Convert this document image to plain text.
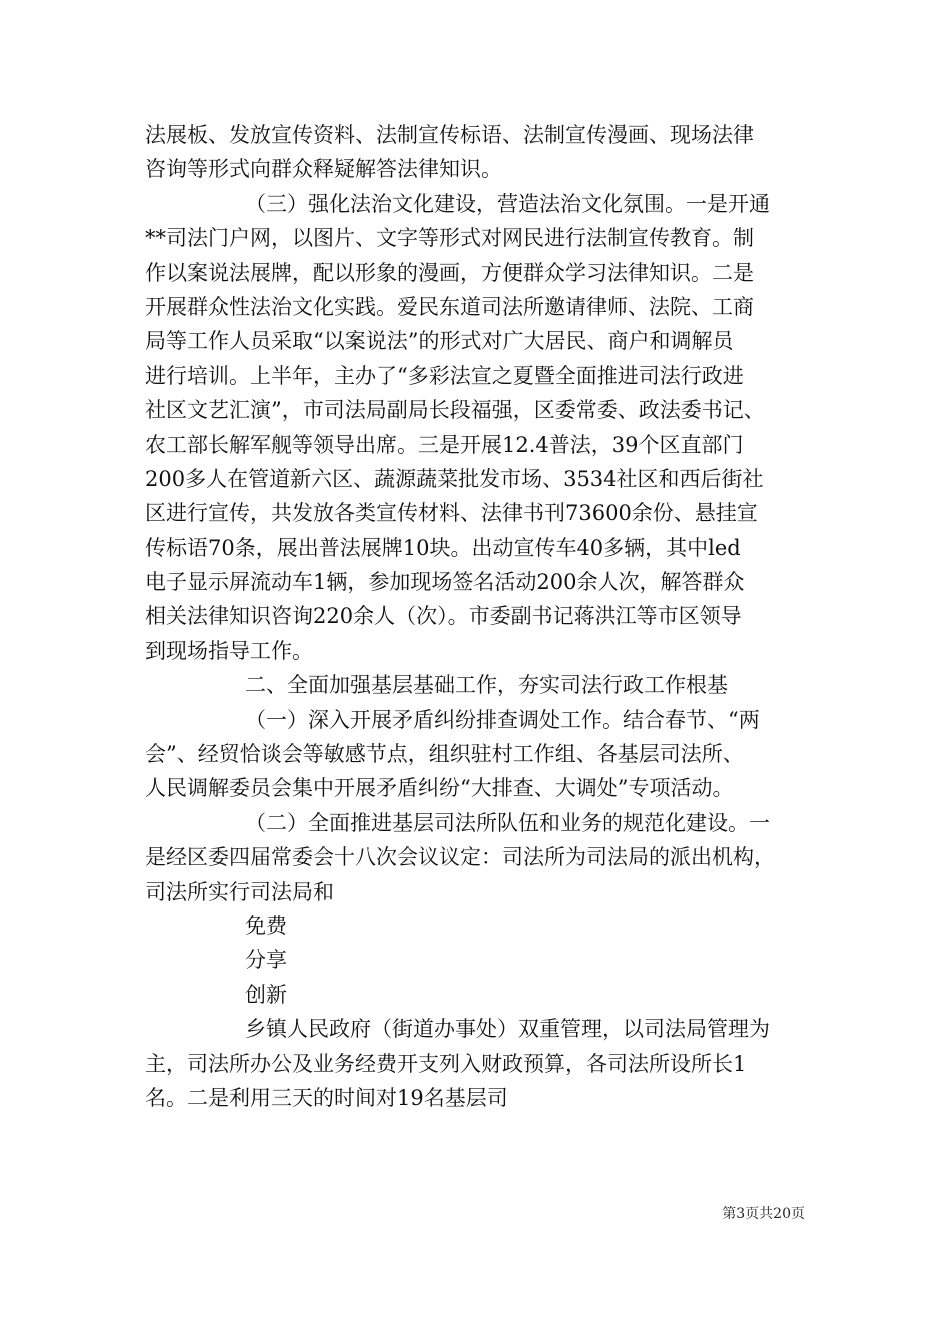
法展板、发放宣传资料、法制宣传标语、法制宣传漫画、现场法律
咨询等形式向群众释疑解答法律知识。
（三）强化法治文化建设，营造法治文化氛围。一是开通
**司法门户网，以图片、文字等形式对网民进行法制宣传教育。制
作以案说法展牌，配以形象的漫画，方便群众学习法律知识。二是
开展群众性法治文化实践。爱民东道司法所邀请律师、法院、工商
局等工作人员采取“以案说法”的形式对广大居民、商户和调解员
进行培训。上半年，主办了“多彩法宣之夏暨全面推进司法行政进
社区文艺汇演”，市司法局副局长段福强，区委常委、政法委书记、
农工部长解军舰等领导出席。三是开展12.4普法，39个区直部门
200多人在管道新六区、蔬源蔬菜批发市场、3534社区和西后街社
区进行宣传，共发放各类宣传材料、法律书刊73600余份、悬挂宣
传标语70条，展出普法展牌10块。出动宣传车40多辆，其中led
电子显示屏流动车1辆，参加现场签名活动200余人次，解答群众
相关法律知识咨询220余人（次）。市委副书记蒋洪江等市区领导
到现场指导工作。
二、全面加强基层基础工作，夯实司法行政工作根基
（一）深入开展矛盾纠纷排查调处工作。结合春节、“两
会”、经贸恰谈会等敏感节点，组织驻村工作组、各基层司法所、
人民调解委员会集中开展矛盾纠纷“大排查、大调处”专项活动。
（二）全面推进基层司法所队伍和业务的规范化建设。一
是经区委四届常委会十八次会议议定：司法所为司法局的派出机构，
司法所实行司法局和
免费
分享
创新
乡镇人民政府（街道办事处）双重管理，以司法局管理为
主，司法所办公及业务经费开支列入财政预算，各司法所设所长1
名。二是利用三天的时间对19名基层司
第3页共20页
